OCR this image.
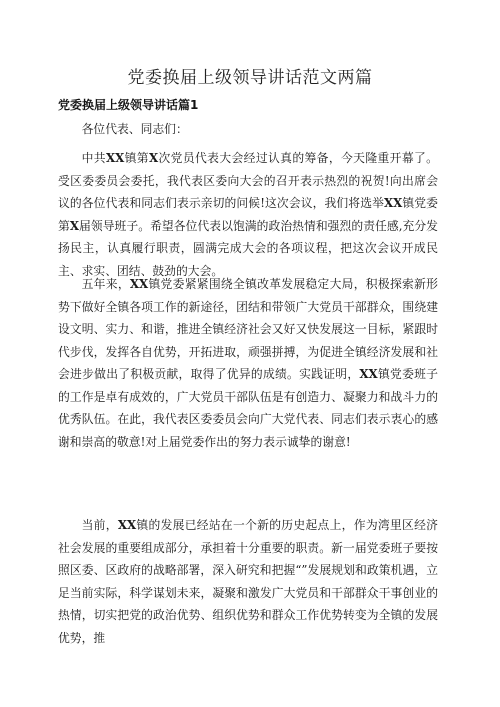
党委换届上级领导讲话范文两篇
党委换届上级领导讲话篇1

各位代表、同志们：

中共XX镇第X次党员代表大会经过认真的筹备，今天隆重开幕了。受区委委员会委托，我代表区委向大会的召开表示热烈的祝贺!向出席会议的各位代表和同志们表示亲切的问候!这次会议，我们将选举XX镇党委第X届领导班子。希望各位代表以饱满的政治热情和强烈的责任感,充分发扬民主，认真履行职责，圆满完成大会的各项议程，把这次会议开成民主、求实、团结、鼓劲的大会。

五年来，XX镇党委紧紧围绕全镇改革发展稳定大局，积极探索新形势下做好全镇各项工作的新途径，团结和带领广大党员干部群众，围绕建设文明、实力、和谐，推进全镇经济社会又好又快发展这一目标，紧跟时代步伐，发挥各自优势，开拓进取，顽强拼搏，为促进全镇经济发展和社会进步做出了积极贡献，取得了优异的成绩。实践证明，XX镇党委班子的工作是卓有成效的，广大党员干部队伍是有创造力、凝聚力和战斗力的优秀队伍。在此，我代表区委委员会向广大党代表、同志们表示衷心的感谢和崇高的敬意!对上届党委作出的努力表示诚挚的谢意!

当前，XX镇的发展已经站在一个新的历史起点上，作为湾里区经济社会发展的重要组成部分，承担着十分重要的职责。新一届党委班子要按照区委、区政府的战略部署，深入研究和把握“”发展规划和政策机遇，立足当前实际，科学谋划未来，凝聚和激发广大党员和干部群众干事创业的热情，切实把党的政治优势、组织优势和群众工作优势转变为全镇的发展优势，推
